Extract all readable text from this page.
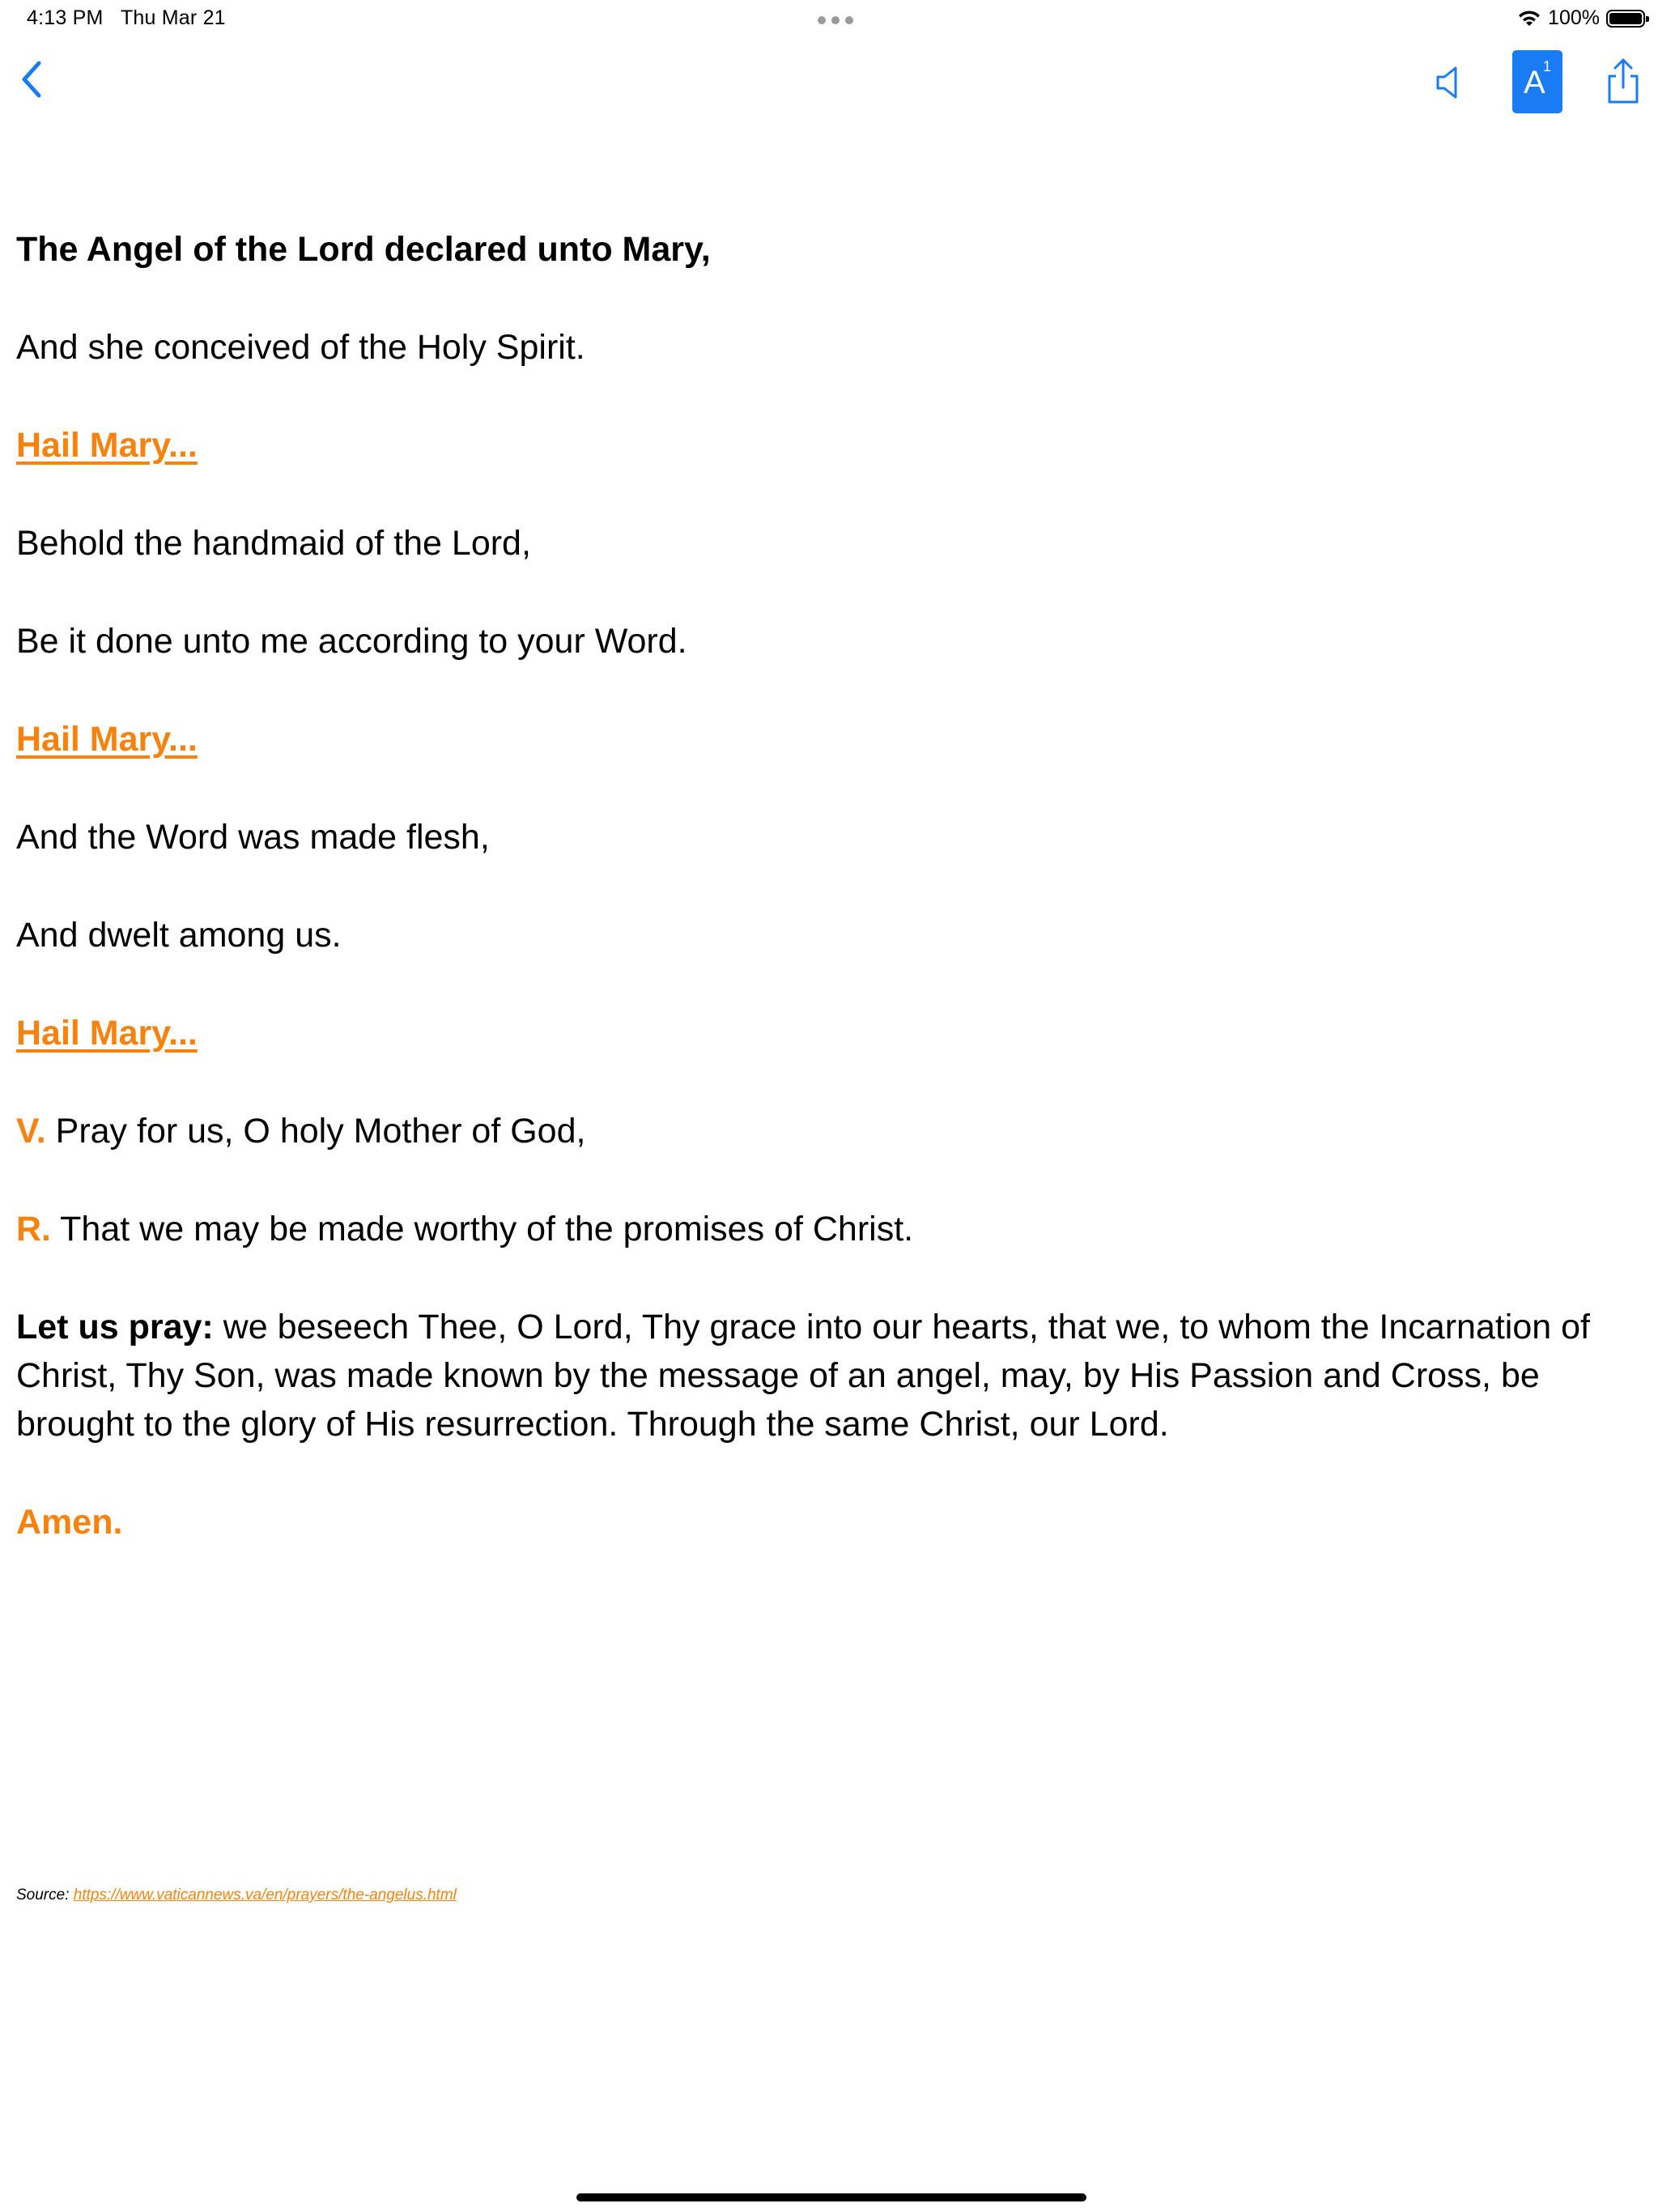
4:13 PM Thu Mar 21	100%
A
1

The Angel of the Lord declared unto Mary,

And she conceived of the Holy Spirit.

Hail Mary...

Behold the handmaid of the Lord,

Be it done unto me according to your Word.

Hail Mary...

And the Word was made flesh,

And dwelt among us.

Hail Mary...

V. Pray for us, O holy Mother of God,

R. That we may be made worthy of the promises of Christ.

Let us pray: we beseech Thee, O Lord, Thy grace into our hearts, that we, to whom the Incarnation of Christ, Thy Son, was made known by the message of an angel, may, by His Passion and Cross, be brought to the glory of His resurrection. Through the same Christ, our Lord.

Amen.

Source: https://www.vaticannews.va/en/prayers/the-angelus.html
